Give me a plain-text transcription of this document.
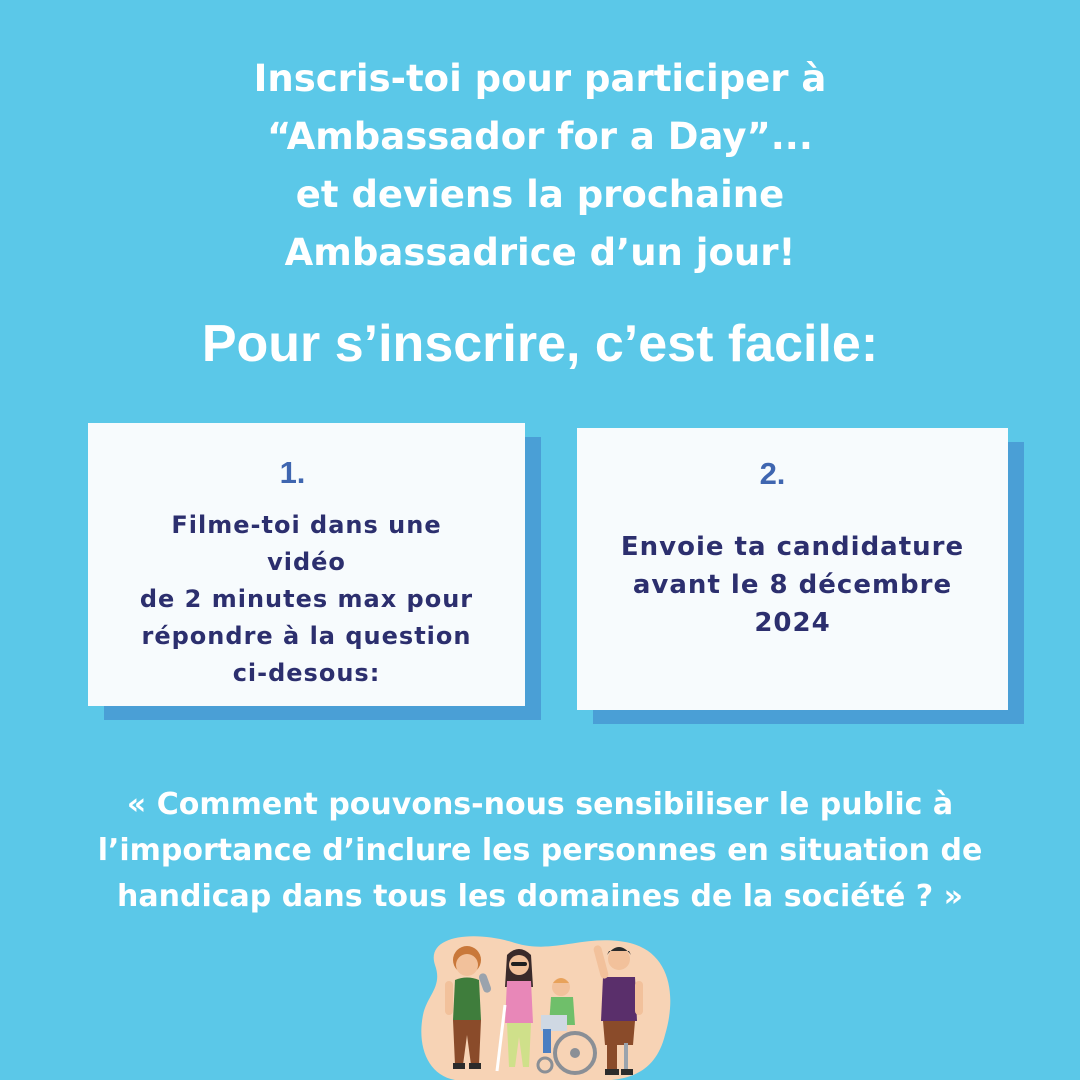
Inscris-toi pour participer à
“Ambassador for a Day”...
et deviens la prochaine
Ambassadrice d’un jour!
Pour s’inscrire, c’est facile:
1.
Filme-toi dans une
vidéo
de 2 minutes max pour
répondre à la question
ci-desous:
2.
Envoie ta candidature
avant le 8 décembre
2024
« Comment pouvons-nous sensibiliser le public à
l’importance d’inclure les personnes en situation de
handicap dans tous les domaines de la société ? »
